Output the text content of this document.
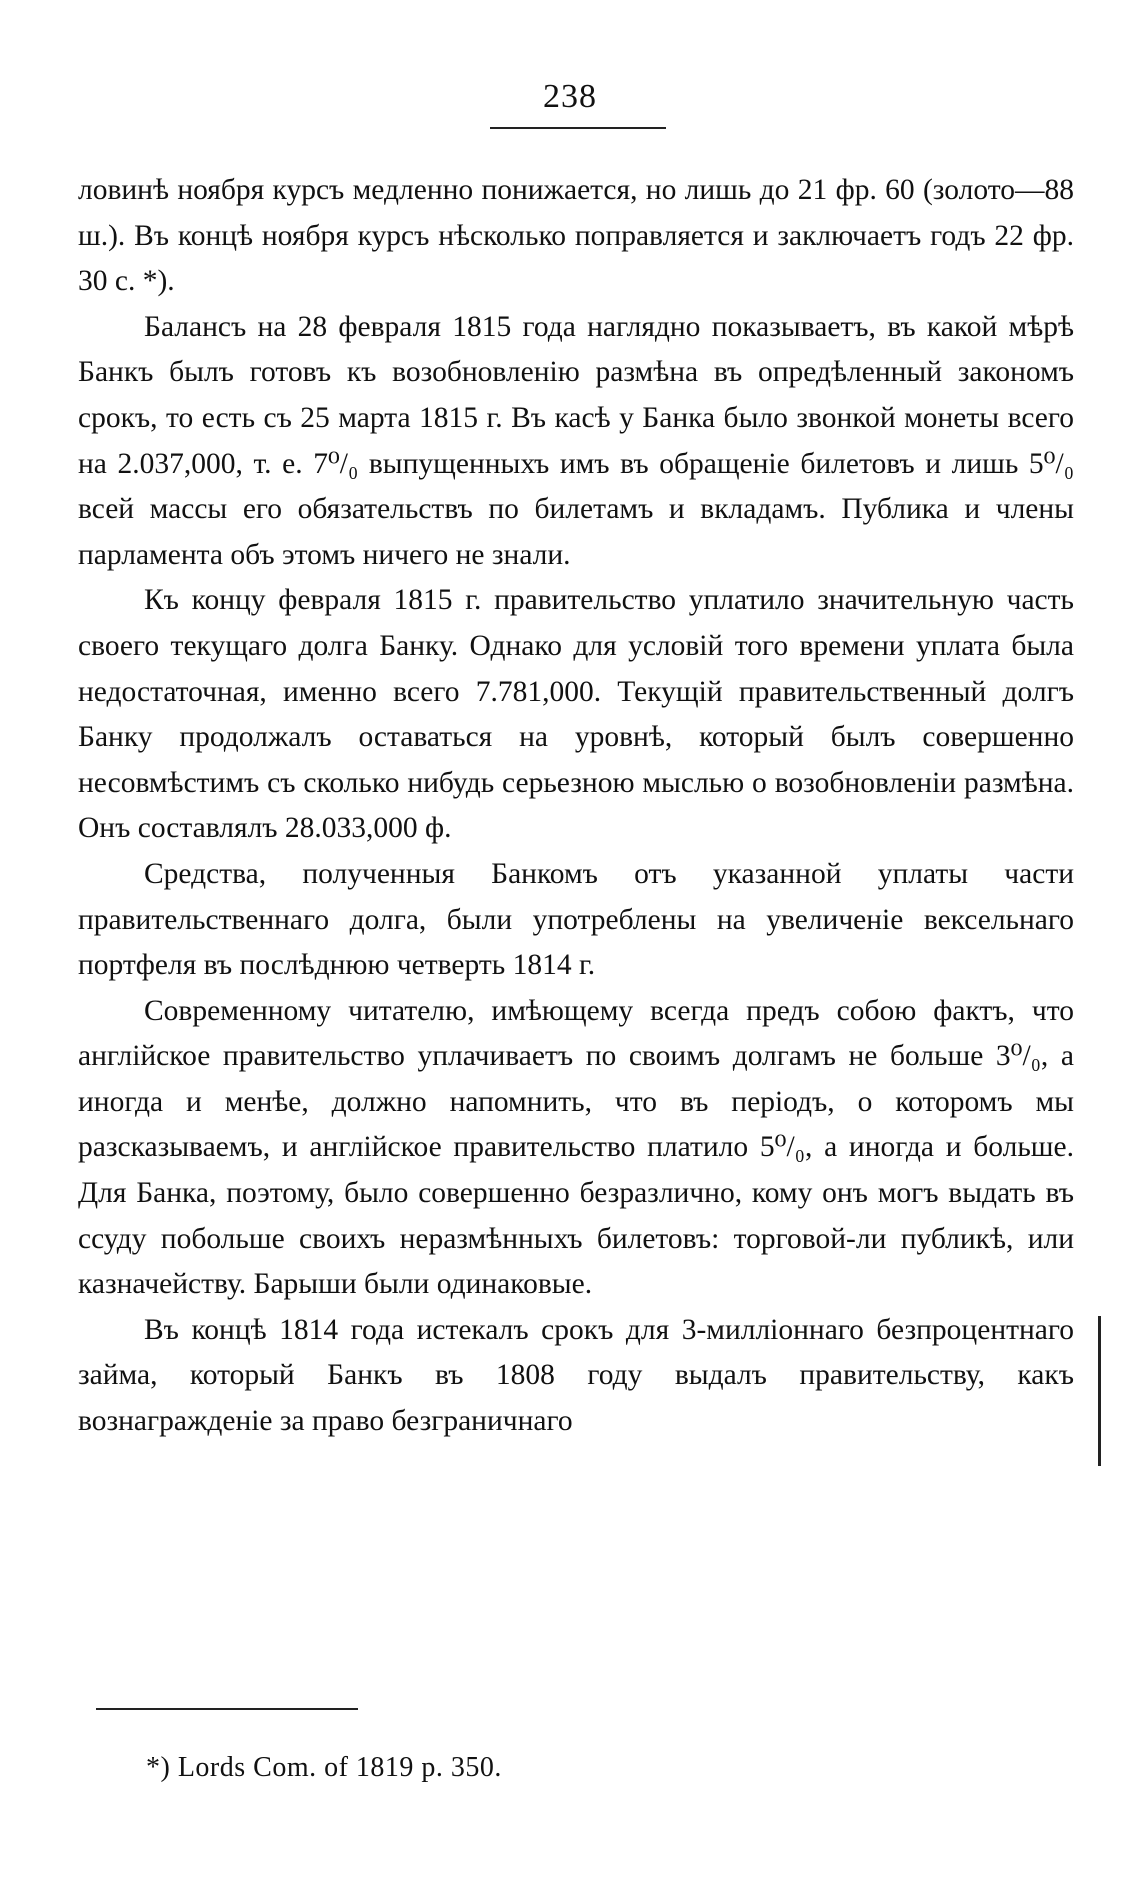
238

ловинѣ ноября курсъ медленно понижается, но лишь до 21 фр. 60 (золото—88 ш.). Въ концѣ ноября курсъ нѣсколько поправляется и заключаетъ годъ 22 фр. 30 с. *).

Балансъ на 28 февраля 1815 года наглядно показываетъ, въ какой мѣрѣ Банкъ былъ готовъ къ возобновленію размѣна въ опредѣленный закономъ срокъ, то есть съ 25 марта 1815 г. Въ касѣ у Банка было звонкой монеты всего на 2.037,000, т. е. 7⁰/₀ выпущенныхъ имъ въ обращеніе билетовъ и лишь 5⁰/₀ всей массы его обязательствъ по билетамъ и вкладамъ. Публика и члены парламента объ этомъ ничего не знали.

Къ концу февраля 1815 г. правительство уплатило значительную часть своего текущаго долга Банку. Однако для условій того времени уплата была недостаточная, именно всего 7.781,000. Текущій правительственный долгъ Банку продолжалъ оставаться на уровнѣ, который былъ совершенно несовмѣстимъ съ сколько нибудь серьезною мыслью о возобновленіи размѣна. Онъ составлялъ 28.033,000 ф.

Средства, полученныя Банкомъ отъ указанной уплаты части правительственнаго долга, были употреблены на увеличеніе вексельнаго портфеля въ послѣднюю четверть 1814 г.

Современному читателю, имѣющему всегда предъ собою фактъ, что англійское правительство уплачиваетъ по своимъ долгамъ не больше 3⁰/₀, а иногда и менѣе, должно напомнить, что въ періодъ, о которомъ мы разсказываемъ, и англійское правительство платило 5⁰/₀, а иногда и больше. Для Банка, поэтому, было совершенно безразлично, кому онъ могъ выдать въ ссуду побольше своихъ неразмѣнныхъ билетовъ: торговой-ли публикѣ, или казначейству. Барыши были одинаковые.

Въ концѣ 1814 года истекалъ срокъ для 3-милліоннаго безпроцентнаго займа, который Банкъ въ 1808 году выдалъ правительству, какъ вознагражденіе за право безграничнаго

*) Lords Com. of 1819 p. 350.
